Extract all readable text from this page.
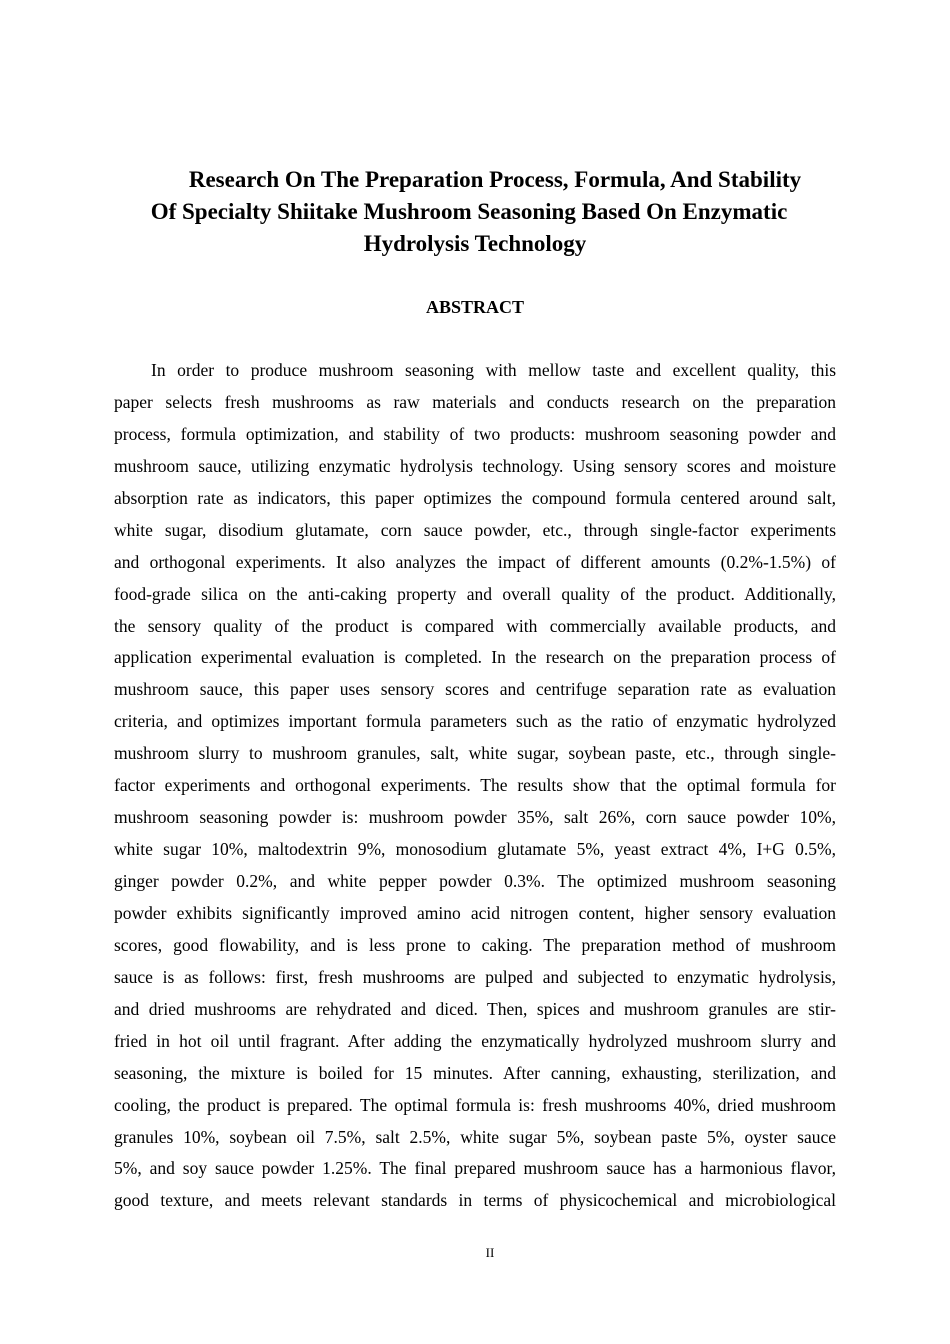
Research On The Preparation Process, Formula, And Stability
Of Specialty Shiitake Mushroom Seasoning Based On Enzymatic
Hydrolysis Technology
ABSTRACT
In order to produce mushroom seasoning with mellow taste and excellent quality, this
paper selects fresh mushrooms as raw materials and conducts research on the preparation
process, formula optimization, and stability of two products: mushroom seasoning powder and
mushroom sauce, utilizing enzymatic hydrolysis technology. Using sensory scores and moisture
absorption rate as indicators, this paper optimizes the compound formula centered around salt,
white sugar, disodium glutamate, corn sauce powder, etc., through single-factor experiments
and orthogonal experiments. It also analyzes the impact of different amounts (0.2%-1.5%) of
food-grade silica on the anti-caking property and overall quality of the product. Additionally,
the sensory quality of the product is compared with commercially available products, and
application experimental evaluation is completed. In the research on the preparation process of
mushroom sauce, this paper uses sensory scores and centrifuge separation rate as evaluation
criteria, and optimizes important formula parameters such as the ratio of enzymatic hydrolyzed
mushroom slurry to mushroom granules, salt, white sugar, soybean paste, etc., through single-
factor experiments and orthogonal experiments. The results show that the optimal formula for
mushroom seasoning powder is: mushroom powder 35%, salt 26%, corn sauce powder 10%,
white sugar 10%, maltodextrin 9%, monosodium glutamate 5%, yeast extract 4%, I+G 0.5%,
ginger powder 0.2%, and white pepper powder 0.3%. The optimized mushroom seasoning
powder exhibits significantly improved amino acid nitrogen content, higher sensory evaluation
scores, good flowability, and is less prone to caking. The preparation method of mushroom
sauce is as follows: first, fresh mushrooms are pulped and subjected to enzymatic hydrolysis,
and dried mushrooms are rehydrated and diced. Then, spices and mushroom granules are stir-
fried in hot oil until fragrant. After adding the enzymatically hydrolyzed mushroom slurry and
seasoning, the mixture is boiled for 15 minutes. After canning, exhausting, sterilization, and
cooling, the product is prepared. The optimal formula is: fresh mushrooms 40%, dried mushroom
granules 10%, soybean oil 7.5%, salt 2.5%, white sugar 5%, soybean paste 5%, oyster sauce
5%, and soy sauce powder 1.25%. The final prepared mushroom sauce has a harmonious flavor,
good texture, and meets relevant standards in terms of physicochemical and microbiological
II
